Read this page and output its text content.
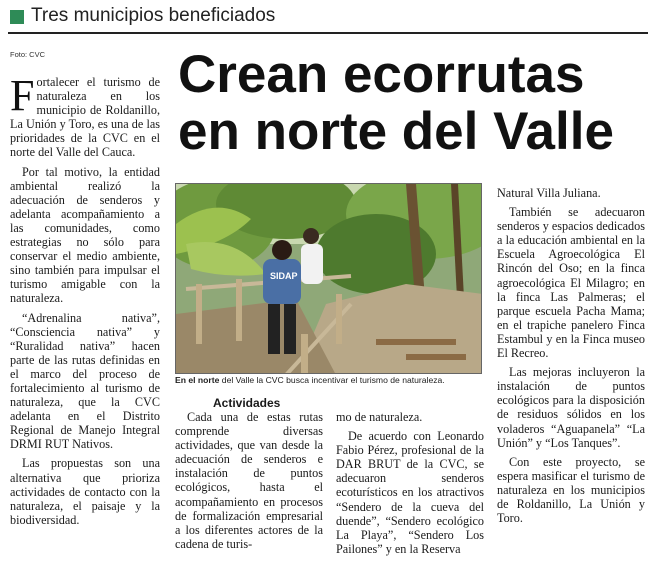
Tres municipios beneficiados
Foto: CVC	Crean ecorrutas
en norte del Valle

Fortalecer el turismo de naturaleza en los municipio de Roldanillo, La Unión y Toro, es una de las prioridades de la CVC en el norte del Valle del Cauca.

Por tal motivo, la entidad ambiental realizó la adecuación de senderos y adelanta acompañamiento a las comunidades, como estrategias no sólo para conservar el medio ambiente, sino también para impulsar el turismo amigable con la naturaleza.

“Adrenalina nativa”, “Consciencia nativa” y “Ruralidad nativa” hacen parte de las rutas definidas en el marco del proceso de fortalecimiento al turismo de naturaleza, que la CVC adelanta en el Distrito Regional de Manejo Integral DRMI RUT Nativos.

Las propuestas son una alternativa que prioriza actividades de contacto con la naturaleza, el paisaje y la biodiversidad.

SIDAP
En el norte del Valle la CVC busca incentivar el turismo de naturaleza.
Actividades

Cada una de estas rutas comprende diversas actividades, que van desde la adecuación de senderos e instalación de puntos ecológicos, hasta el acompañamiento en procesos de formalización empresarial a los diferentes actores de la cadena de turis-

mo de naturaleza.

De acuerdo con Leonardo Fabio Pérez, profesional de la DAR BRUT de la CVC, se adecuaron senderos ecoturísticos en los atractivos “Sendero de la cueva del duende”, “Sendero ecológico La Playa”, “Sendero Los Pailones” y en la Reserva

Natural Villa Juliana.

También se adecuaron senderos y espacios dedicados a la educación ambiental en la Escuela Agroecológica El Rincón del Oso; en la finca agroecológica El Milagro; en la finca Las Palmeras; el parque escuela Pacha Mama; en el trapiche panelero Finca Estambul y en la Finca museo El Recreo.

Las mejoras incluyeron la instalación de puntos ecológicos para la disposición de residuos sólidos en los voladeros “Aguapanela” “La Unión” y “Los Tanques”.

Con este proyecto, se espera masificar el turismo de naturaleza en los municipios de Roldanillo, La Unión y Toro.
